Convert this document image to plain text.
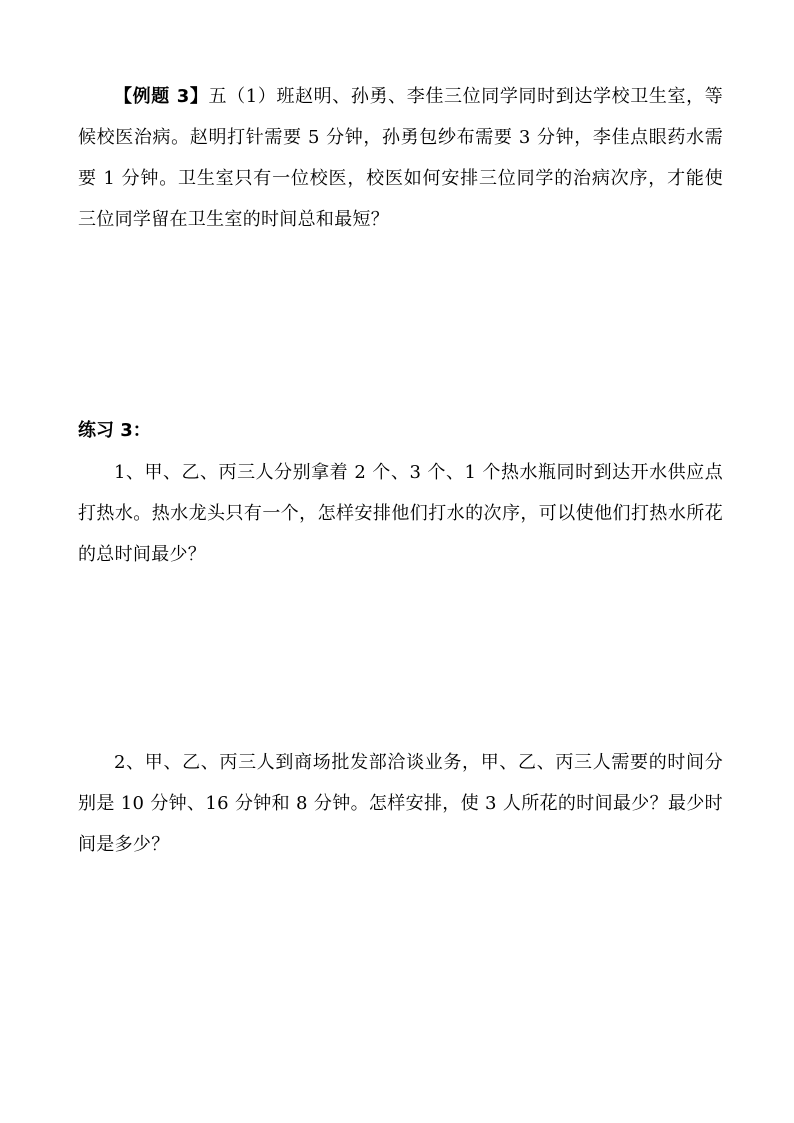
【例题 3】五（1）班赵明、孙勇、李佳三位同学同时到达学校卫生室，等候校医治病。赵明打针需要 5 分钟，孙勇包纱布需要 3 分钟，李佳点眼药水需要 1 分钟。卫生室只有一位校医，校医如何安排三位同学的治病次序，才能使三位同学留在卫生室的时间总和最短？

练习 3：

1、甲、乙、丙三人分别拿着 2 个、3 个、1 个热水瓶同时到达开水供应点打热水。热水龙头只有一个，怎样安排他们打水的次序，可以使他们打热水所花的总时间最少？

2、甲、乙、丙三人到商场批发部洽谈业务，甲、乙、丙三人需要的时间分别是 10 分钟、16 分钟和 8 分钟。怎样安排，使 3 人所花的时间最少？最少时间是多少？
